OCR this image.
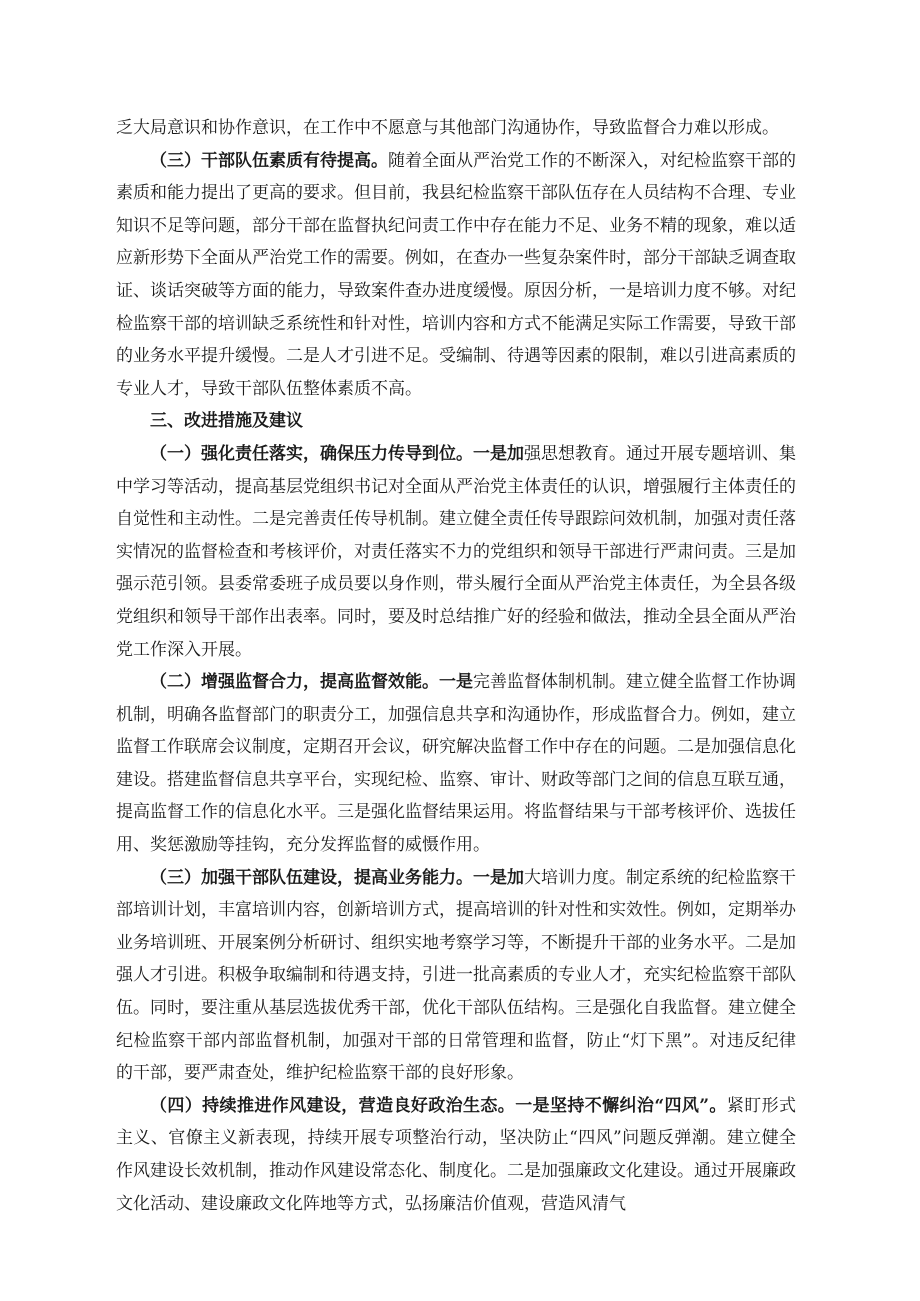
乏大局意识和协作意识，在工作中不愿意与其他部门沟通协作，导致监督合力难以形成。

（三）干部队伍素质有待提高。随着全面从严治党工作的不断深入，对纪检监察干部的素质和能力提出了更高的要求。但目前，我县纪检监察干部队伍存在人员结构不合理、专业知识不足等问题，部分干部在监督执纪问责工作中存在能力不足、业务不精的现象，难以适应新形势下全面从严治党工作的需要。例如，在查办一些复杂案件时，部分干部缺乏调查取证、谈话突破等方面的能力，导致案件查办进度缓慢。原因分析，一是培训力度不够。对纪检监察干部的培训缺乏系统性和针对性，培训内容和方式不能满足实际工作需要，导致干部的业务水平提升缓慢。二是人才引进不足。受编制、待遇等因素的限制，难以引进高素质的专业人才，导致干部队伍整体素质不高。

三、改进措施及建议

（一）强化责任落实，确保压力传导到位。一是加强思想教育。通过开展专题培训、集中学习等活动，提高基层党组织书记对全面从严治党主体责任的认识，增强履行主体责任的自觉性和主动性。二是完善责任传导机制。建立健全责任传导跟踪问效机制，加强对责任落实情况的监督检查和考核评价，对责任落实不力的党组织和领导干部进行严肃问责。三是加强示范引领。县委常委班子成员要以身作则，带头履行全面从严治党主体责任，为全县各级党组织和领导干部作出表率。同时，要及时总结推广好的经验和做法，推动全县全面从严治党工作深入开展。

（二）增强监督合力，提高监督效能。一是完善监督体制机制。建立健全监督工作协调机制，明确各监督部门的职责分工，加强信息共享和沟通协作，形成监督合力。例如，建立监督工作联席会议制度，定期召开会议，研究解决监督工作中存在的问题。二是加强信息化建设。搭建监督信息共享平台，实现纪检、监察、审计、财政等部门之间的信息互联互通，提高监督工作的信息化水平。三是强化监督结果运用。将监督结果与干部考核评价、选拔任用、奖惩激励等挂钩，充分发挥监督的威慑作用。

（三）加强干部队伍建设，提高业务能力。一是加大培训力度。制定系统的纪检监察干部培训计划，丰富培训内容，创新培训方式，提高培训的针对性和实效性。例如，定期举办业务培训班、开展案例分析研讨、组织实地考察学习等，不断提升干部的业务水平。二是加强人才引进。积极争取编制和待遇支持，引进一批高素质的专业人才，充实纪检监察干部队伍。同时，要注重从基层选拔优秀干部，优化干部队伍结构。三是强化自我监督。建立健全纪检监察干部内部监督机制，加强对干部的日常管理和监督，防止“灯下黑”。对违反纪律的干部，要严肃查处，维护纪检监察干部的良好形象。

（四）持续推进作风建设，营造良好政治生态。一是坚持不懈纠治“四风”。紧盯形式主义、官僚主义新表现，持续开展专项整治行动，坚决防止“四风”问题反弹潮。建立健全作风建设长效机制，推动作风建设常态化、制度化。二是加强廉政文化建设。通过开展廉政文化活动、建设廉政文化阵地等方式，弘扬廉洁价值观，营造风清气
